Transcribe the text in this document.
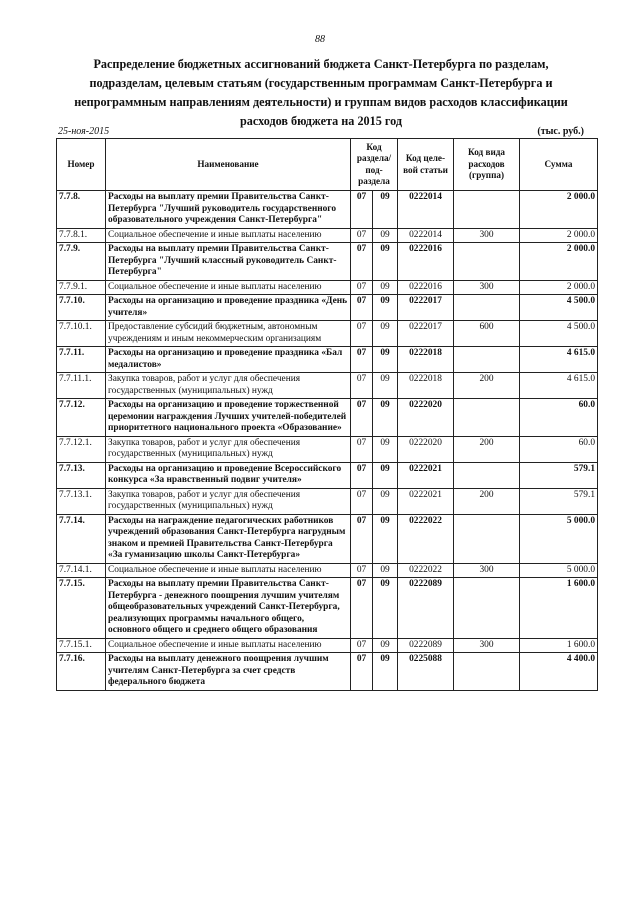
88
Распределение бюджетных ассигнований бюджета Санкт-Петербурга по разделам, подразделам, целевым статьям (государственным программам Санкт-Петербурга и непрограммным направлениям деятельности) и группам видов расходов классификации расходов бюджета на 2015 год
25-ноя-2015	(тыс. руб.)
Номер	Наименование	Код раздела/ под-раздела		Код целе-вой статьи	Код вида расходов (группа)	Сумма
7.7.8.	Расходы на выплату премии Правительства Санкт-Петербурга "Лучший руководитель государственного образовательного учреждения Санкт-Петербурга"	07	09	0222014		2 000.0
7.7.8.1.	Социальное обеспечение и иные выплаты населению	07	09	0222014	300	2 000.0
7.7.9.	Расходы на выплату премии Правительства Санкт-Петербурга "Лучший классный руководитель Санкт-Петербурга"	07	09	0222016		2 000.0
7.7.9.1.	Социальное обеспечение и иные выплаты населению	07	09	0222016	300	2 000.0
7.7.10.	Расходы на организацию и проведение праздника «День учителя»	07	09	0222017		4 500.0
7.7.10.1.	Предоставление субсидий бюджетным, автономным учреждениям и иным некоммерческим организациям	07	09	0222017	600	4 500.0
7.7.11.	Расходы на организацию и проведение праздника «Бал медалистов»	07	09	0222018		4 615.0
7.7.11.1.	Закупка товаров, работ и услуг для обеспечения государственных (муниципальных) нужд	07	09	0222018	200	4 615.0
7.7.12.	Расходы на организацию и проведение торжественной церемонии награждения Лучших учителей-победителей приоритетного национального проекта «Образование»	07	09	0222020		60.0
7.7.12.1.	Закупка товаров, работ и услуг для обеспечения государственных (муниципальных) нужд	07	09	0222020	200	60.0
7.7.13.	Расходы на организацию и проведение Всероссийского конкурса «За нравственный подвиг учителя»	07	09	0222021		579.1
7.7.13.1.	Закупка товаров, работ и услуг для обеспечения государственных (муниципальных) нужд	07	09	0222021	200	579.1
7.7.14.	Расходы на награждение педагогических работников учреждений образования Санкт-Петербурга нагрудным знаком и премией Правительства Санкт-Петербурга «За гуманизацию школы Санкт-Петербурга»	07	09	0222022		5 000.0
7.7.14.1.	Социальное обеспечение и иные выплаты населению	07	09	0222022	300	5 000.0
7.7.15.	Расходы на выплату премии Правительства Санкт-Петербурга - денежного поощрения лучшим учителям общеобразовательных учреждений Санкт-Петербурга, реализующих программы начального общего, основного общего и среднего общего образования	07	09	0222089		1 600.0
7.7.15.1.	Социальное обеспечение и иные выплаты населению	07	09	0222089	300	1 600.0
7.7.16.	Расходы на выплату денежного поощрения лучшим учителям Санкт-Петербурга за счет средств федерального бюджета	07	09	0225088		4 400.0
